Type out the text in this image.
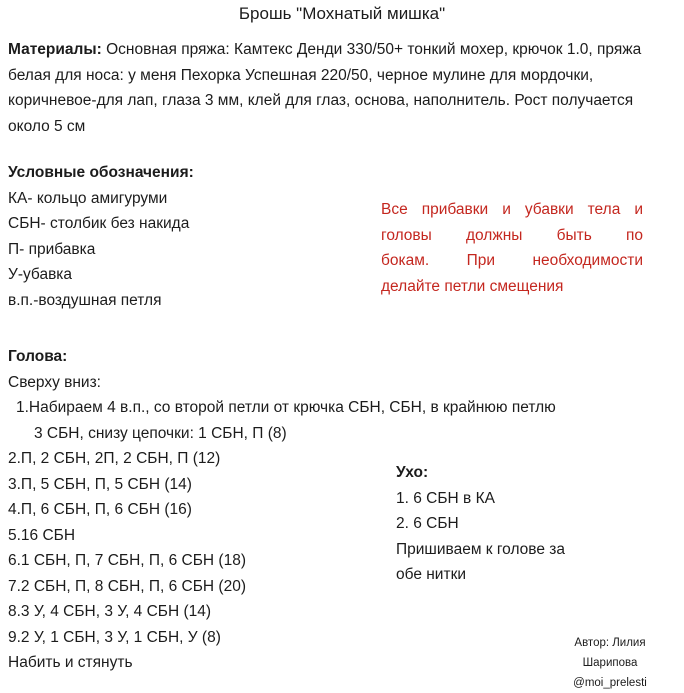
Брошь "Мохнатый мишка"
Материалы: Основная пряжа: Камтекс Денди 330/50+ тонкий мохер, крючок 1.0, пряжа белая для носа: у меня Пехорка Успешная 220/50, черное мулине для мордочки, коричневое-для лап, глаза 3 мм, клей для глаз, основа, наполнитель. Рост получается около 5 см
Условные обозначения:
КА- кольцо амигуруми
СБН- столбик без накида
П- прибавка
У-убавка
в.п.-воздушная петля
Все прибавки и убавки тела и
головы должны быть по
бокам. При необходимости
делайте петли смещения
Голова:
Сверху вниз:
1.Набираем 4 в.п., со второй петли от крючка СБН, СБН, в крайнюю петлю
3 СБН, снизу цепочки: 1 СБН, П (8)
2.П, 2 СБН, 2П, 2 СБН, П (12)
3.П, 5 СБН, П, 5 СБН (14)
4.П, 6 СБН, П, 6 СБН (16)
5.16 СБН
6.1 СБН, П, 7 СБН, П, 6 СБН (18)
7.2 СБН, П, 8 СБН, П, 6 СБН (20)
8.3 У, 4 СБН, 3 У, 4 СБН (14)
9.2 У, 1 СБН, 3 У, 1 СБН, У (8)
Набить и стянуть
Ухо:
1. 6 СБН в КА
2. 6 СБН
Пришиваем к голове за
обе нитки
Автор: Лилия
Шарипова
@moi_prelesti
